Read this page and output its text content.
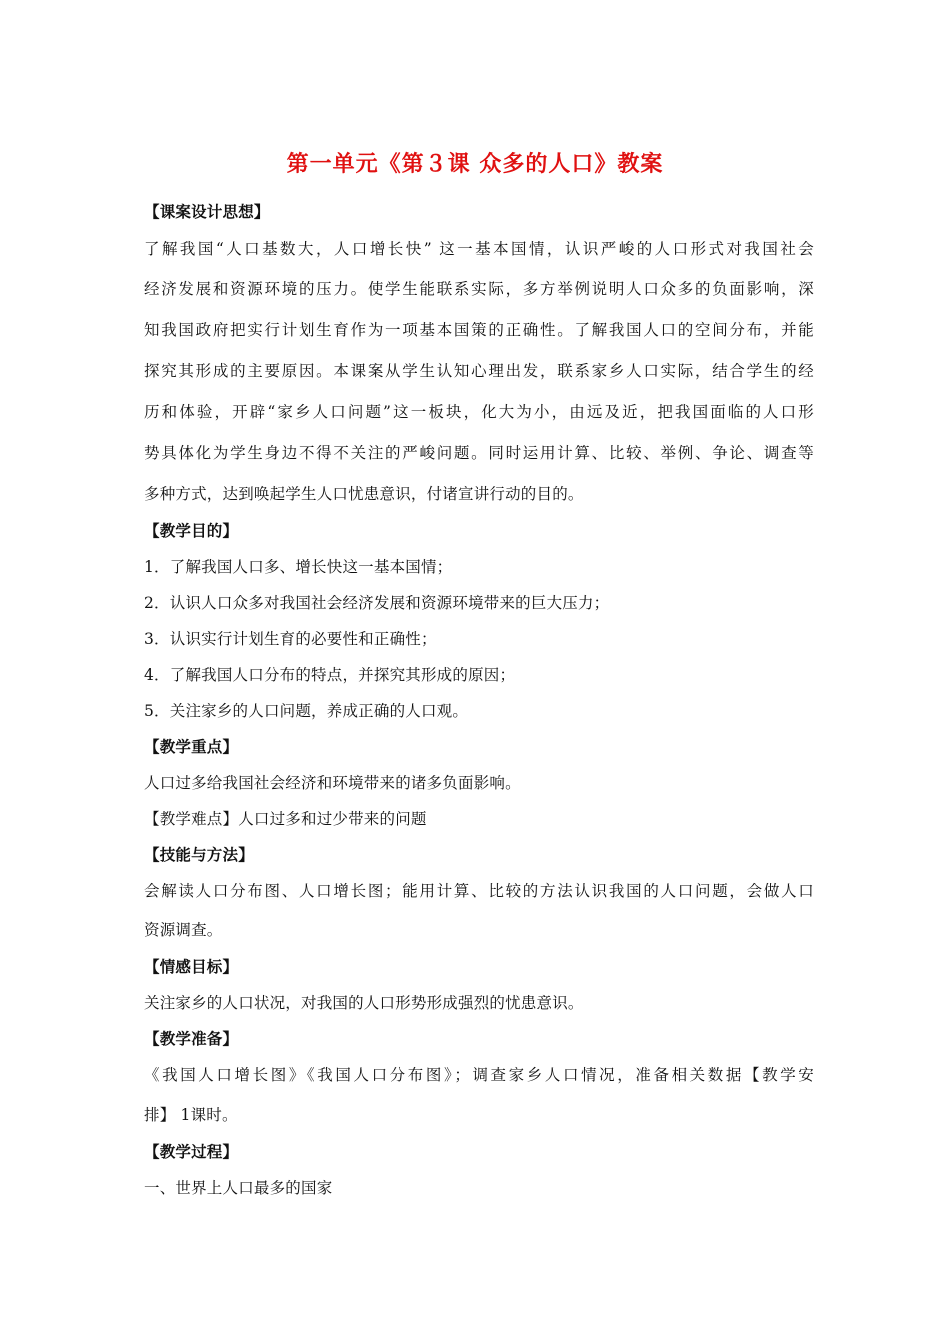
第一单元《第３课 众多的人口》教案
【课案设计思想】
了解我国“人口基数大，人口增长快” 这一基本国情，认识严峻的人口形式对我国社会
经济发展和资源环境的压力。使学生能联系实际，多方举例说明人口众多的负面影响，深
知我国政府把实行计划生育作为一项基本国策的正确性。了解我国人口的空间分布，并能
探究其形成的主要原因。本课案从学生认知心理出发，联系家乡人口实际，结合学生的经
历和体验，开辟“家乡人口问题”这一板块，化大为小，由远及近，把我国面临的人口形
势具体化为学生身边不得不关注的严峻问题。同时运用计算、比较、举例、争论、调查等
多种方式，达到唤起学生人口忧患意识，付诸宣讲行动的目的。
【教学目的】
1．了解我国人口多、增长快这一基本国情；
2．认识人口众多对我国社会经济发展和资源环境带来的巨大压力；
3．认识实行计划生育的必要性和正确性；
4．了解我国人口分布的特点，并探究其形成的原因；
5．关注家乡的人口问题，养成正确的人口观。
【教学重点】
人口过多给我国社会经济和环境带来的诸多负面影响。
【教学难点】人口过多和过少带来的问题
【技能与方法】
会解读人口分布图、人口增长图；能用计算、比较的方法认识我国的人口问题，会做人口
资源调查。
【情感目标】
关注家乡的人口状况，对我国的人口形势形成强烈的忧患意识。
【教学准备】
《我国人口增长图》《我国人口分布图》；调查家乡人口情况，准备相关数据【教学安
排】 1课时。
【教学过程】
一、世界上人口最多的国家
